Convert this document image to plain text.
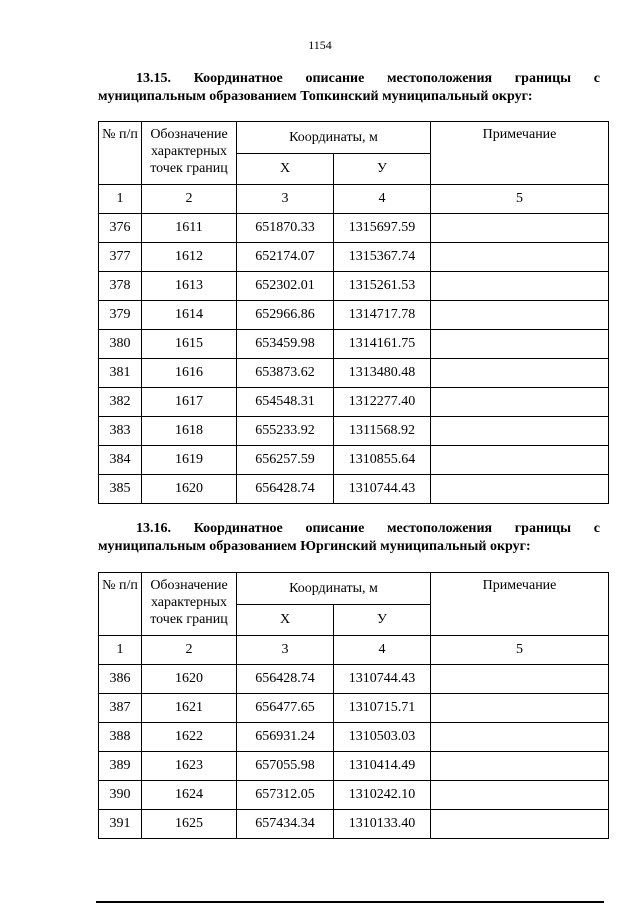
1154
13.15. Координатное описание местоположения границы с
муниципальным образованием Топкинский муниципальный округ:
№ п/п	Обозначение характерных точек границ	Координаты, м		Примечание
		Х	У	
1	2	3	4	5
376	1611	651870.33	1315697.59	
377	1612	652174.07	1315367.74	
378	1613	652302.01	1315261.53	
379	1614	652966.86	1314717.78	
380	1615	653459.98	1314161.75	
381	1616	653873.62	1313480.48	
382	1617	654548.31	1312277.40	
383	1618	655233.92	1311568.92	
384	1619	656257.59	1310855.64	
385	1620	656428.74	1310744.43	
13.16. Координатное описание местоположения границы с
муниципальным образованием Юргинский муниципальный округ:
№ п/п	Обозначение характерных точек границ	Координаты, м		Примечание
		Х	У	
1	2	3	4	5
386	1620	656428.74	1310744.43	
387	1621	656477.65	1310715.71	
388	1622	656931.24	1310503.03	
389	1623	657055.98	1310414.49	
390	1624	657312.05	1310242.10	
391	1625	657434.34	1310133.40	
